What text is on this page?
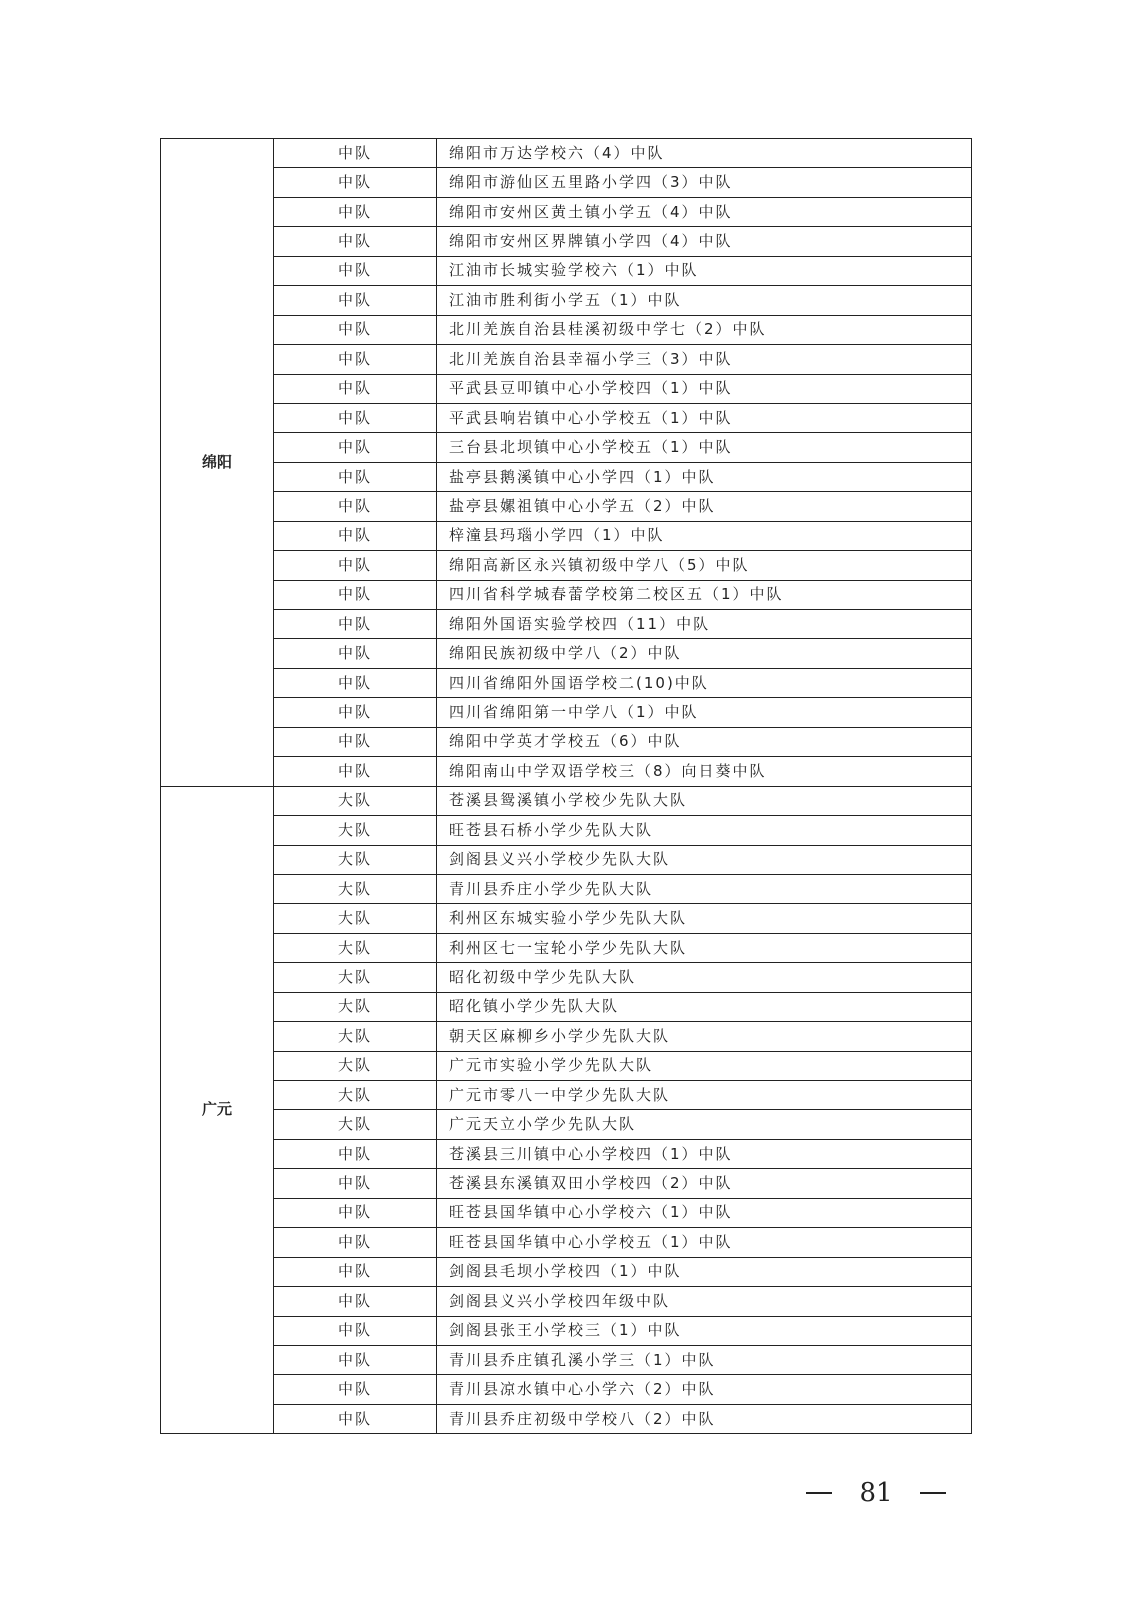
绵阳	中队	绵阳市万达学校六（4）中队
	中队	绵阳市游仙区五里路小学四（3）中队
	中队	绵阳市安州区黄土镇小学五（4）中队
	中队	绵阳市安州区界牌镇小学四（4）中队
	中队	江油市长城实验学校六（1）中队
	中队	江油市胜利街小学五（1）中队
	中队	北川羌族自治县桂溪初级中学七（2）中队
	中队	北川羌族自治县幸福小学三（3）中队
	中队	平武县豆叩镇中心小学校四（1）中队
	中队	平武县响岩镇中心小学校五（1）中队
	中队	三台县北坝镇中心小学校五（1）中队
	中队	盐亭县鹅溪镇中心小学四（1）中队
	中队	盐亭县嫘祖镇中心小学五（2）中队
	中队	梓潼县玛瑙小学四（1）中队
	中队	绵阳高新区永兴镇初级中学八（5）中队
	中队	四川省科学城春蕾学校第二校区五（1）中队
	中队	绵阳外国语实验学校四（11）中队
	中队	绵阳民族初级中学八（2）中队
	中队	四川省绵阳外国语学校二(10)中队
	中队	四川省绵阳第一中学八（1）中队
	中队	绵阳中学英才学校五（6）中队
	中队	绵阳南山中学双语学校三（8）向日葵中队
广元	大队	苍溪县鸳溪镇小学校少先队大队
	大队	旺苍县石桥小学少先队大队
	大队	剑阁县义兴小学校少先队大队
	大队	青川县乔庄小学少先队大队
	大队	利州区东城实验小学少先队大队
	大队	利州区七一宝轮小学少先队大队
	大队	昭化初级中学少先队大队
	大队	昭化镇小学少先队大队
	大队	朝天区麻柳乡小学少先队大队
	大队	广元市实验小学少先队大队
	大队	广元市零八一中学少先队大队
	大队	广元天立小学少先队大队
	中队	苍溪县三川镇中心小学校四（1）中队
	中队	苍溪县东溪镇双田小学校四（2）中队
	中队	旺苍县国华镇中心小学校六（1）中队
	中队	旺苍县国华镇中心小学校五（1）中队
	中队	剑阁县毛坝小学校四（1）中队
	中队	剑阁县义兴小学校四年级中队
	中队	剑阁县张王小学校三（1）中队
	中队	青川县乔庄镇孔溪小学三（1）中队
	中队	青川县凉水镇中心小学六（2）中队
	中队	青川县乔庄初级中学校八（2）中队
81
